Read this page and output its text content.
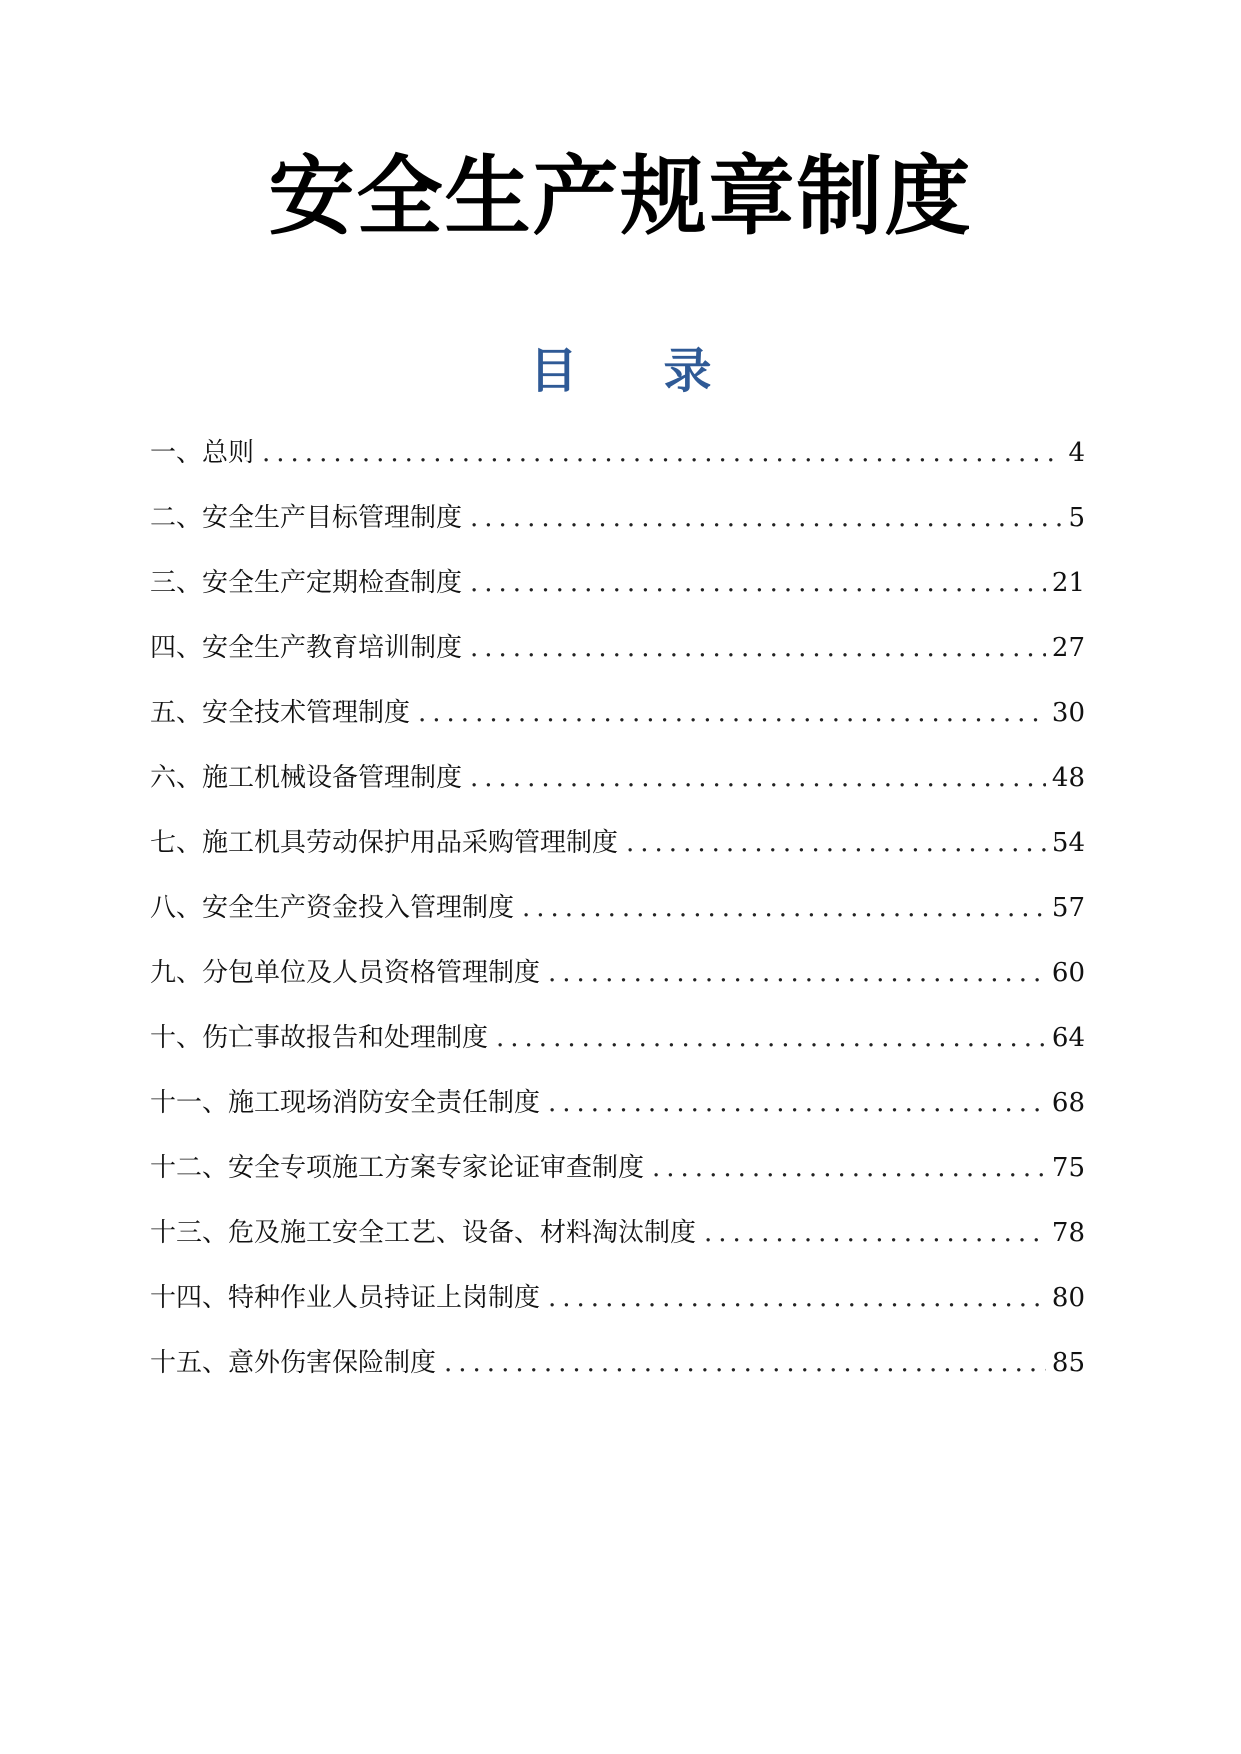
安全生产规章制度
目录
一、总则 .....	4
二、安全生产目标管理制度 .....	5
三、安全生产定期检查制度 .....	21
四、安全生产教育培训制度 .....	27
五、安全技术管理制度 .....	30
六、施工机械设备管理制度 .....	48
七、施工机具劳动保护用品采购管理制度 .....	54
八、安全生产资金投入管理制度 .....	57
九、分包单位及人员资格管理制度 .....	60
十、伤亡事故报告和处理制度 .....	64
十一、施工现场消防安全责任制度 .....	68
十二、安全专项施工方案专家论证审查制度 .....	75
十三、危及施工安全工艺、设备、材料淘汰制度 .....	78
十四、特种作业人员持证上岗制度 .....	80
十五、意外伤害保险制度 .....	85
